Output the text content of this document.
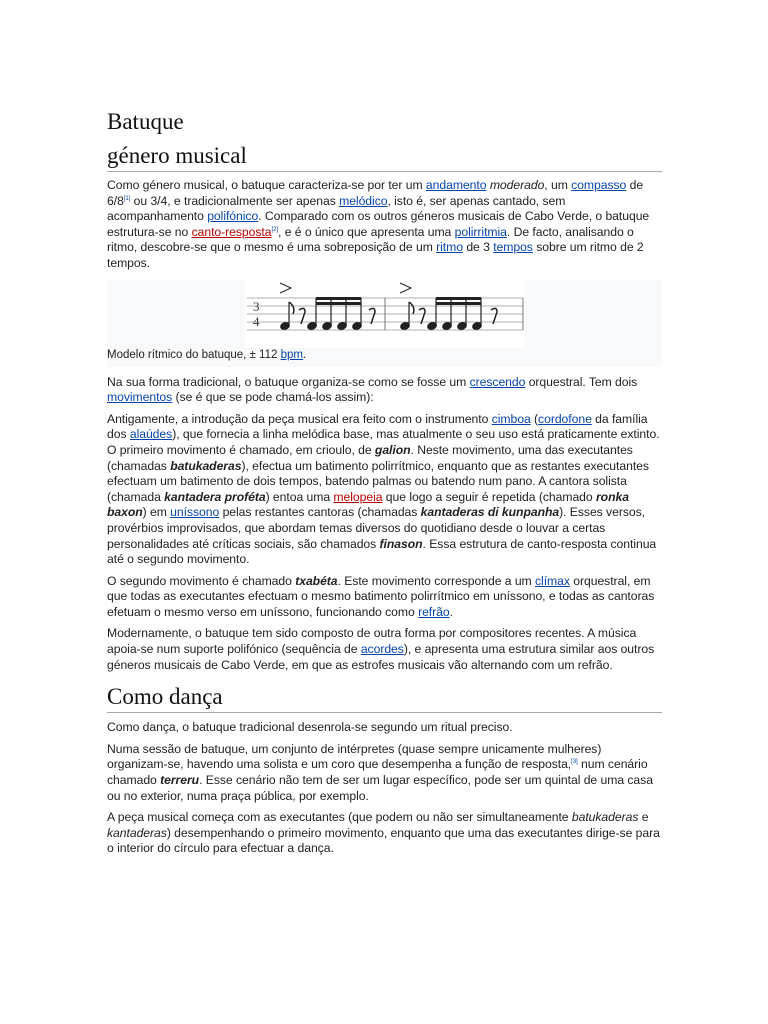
Batuque
género musical

Como género musical, o batuque caracteriza-se por ter um andamento moderado, um compasso de 6/8[1] ou 3/4, e tradicionalmente ser apenas melódico, isto é, ser apenas cantado, sem acompanhamento polifónico. Comparado com os outros géneros musicais de Cabo Verde, o batuque estrutura-se no canto-resposta[2], e é o único que apresenta uma polirritmia. De facto, analisando o ritmo, descobre-se que o mesmo é uma sobreposição de um ritmo de 3 tempos sobre um ritmo de 2 tempos.

3
4
Modelo rítmico do batuque, ± 112 bpm.

Na sua forma tradicional, o batuque organiza-se como se fosse um crescendo orquestral. Tem dois movimentos (se é que se pode chamá-los assim):

Antigamente, a introdução da peça musical era feito com o instrumento cimboa (cordofone da família dos alaúdes), que fornecia a linha melódica base, mas atualmente o seu uso está praticamente extinto. O primeiro movimento é chamado, em crioulo, de galion. Neste movimento, uma das executantes (chamadas batukaderas), efectua um batimento polirrítmico, enquanto que as restantes executantes efectuam um batimento de dois tempos, batendo palmas ou batendo num pano. A cantora solista (chamada kantadera proféta) entoa uma melopeia que logo a seguir é repetida (chamado ronka baxon) em uníssono pelas restantes cantoras (chamadas kantaderas di kunpanha). Esses versos, provérbios improvisados, que abordam temas diversos do quotidiano desde o louvar a certas personalidades até críticas sociais, são chamados finason. Essa estrutura de canto-resposta continua até o segundo movimento.

O segundo movimento é chamado txabéta. Este movimento corresponde a um clímax orquestral, em que todas as executantes efectuam o mesmo batimento polirrítmico em uníssono, e todas as cantoras efetuam o mesmo verso em uníssono, funcionando como refrão.

Modernamente, o batuque tem sido composto de outra forma por compositores recentes. A música apoia-se num suporte polifónico (sequência de acordes), e apresenta uma estrutura similar aos outros géneros musicais de Cabo Verde, em que as estrofes musicais vão alternando com um refrão.

Como dança

Como dança, o batuque tradicional desenrola-se segundo um ritual preciso.

Numa sessão de batuque, um conjunto de intérpretes (quase sempre unicamente mulheres) organizam-se, havendo uma solista e um coro que desempenha a função de resposta,[3] num cenário chamado terreru. Esse cenário não tem de ser um lugar específico, pode ser um quintal de uma casa ou no exterior, numa praça pública, por exemplo.

A peça musical começa com as executantes (que podem ou não ser simultaneamente batukaderas e kantaderas) desempenhando o primeiro movimento, enquanto que uma das executantes dirige-se para o interior do círculo para efectuar a dança.
